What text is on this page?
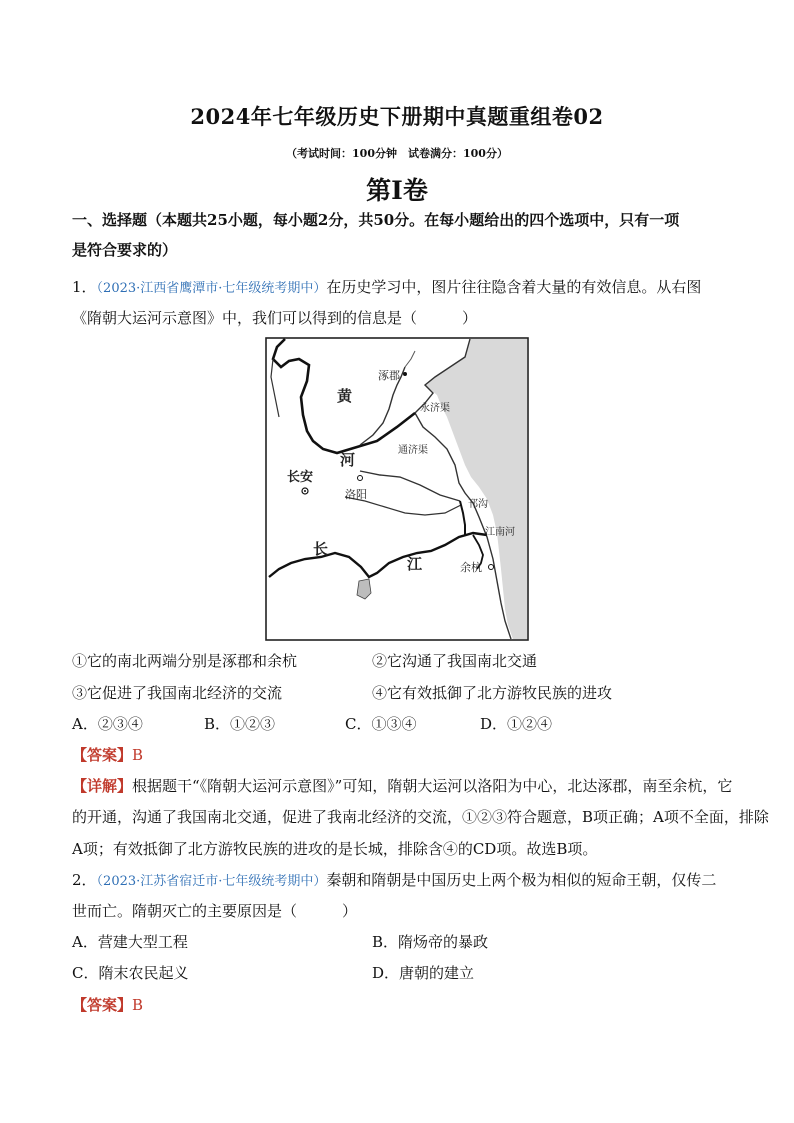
2024年七年级历史下册期中真题重组卷02
（考试时间：100分钟　试卷满分：100分）
第Ⅰ卷
一、选择题（本题共25小题，每小题2分，共50分。在每小题给出的四个选项中，只有一项
是符合要求的）
1．（2023·江西省鹰潭市·七年级统考期中）在历史学习中，图片往往隐含着大量的有效信息。从右图
《隋朝大运河示意图》中，我们可以得到的信息是（　　　）
涿郡
永济渠
黄
河
长安
洛阳
通济渠
邗沟
江南河
长
江	余杭
①它的南北两端分别是涿郡和余杭	②它沟通了我国南北交通
③它促进了我国南北经济的交流	④它有效抵御了北方游牧民族的进攻
A．②③④	B．①②③	C．①③④	D．①②④
【答案】B
【详解】根据题干“《隋朝大运河示意图》”可知，隋朝大运河以洛阳为中心，北达涿郡，南至余杭，它
的开通，沟通了我国南北交通，促进了我南北经济的交流，①②③符合题意，B项正确；A项不全面，排除
A项；有效抵御了北方游牧民族的进攻的是长城，排除含④的CD项。故选B项。
2．（2023·江苏省宿迁市·七年级统考期中）秦朝和隋朝是中国历史上两个极为相似的短命王朝，仅传二
世而亡。隋朝灭亡的主要原因是（　　　）
A．营建大型工程	B．隋炀帝的暴政
C．隋末农民起义	D．唐朝的建立
【答案】B
